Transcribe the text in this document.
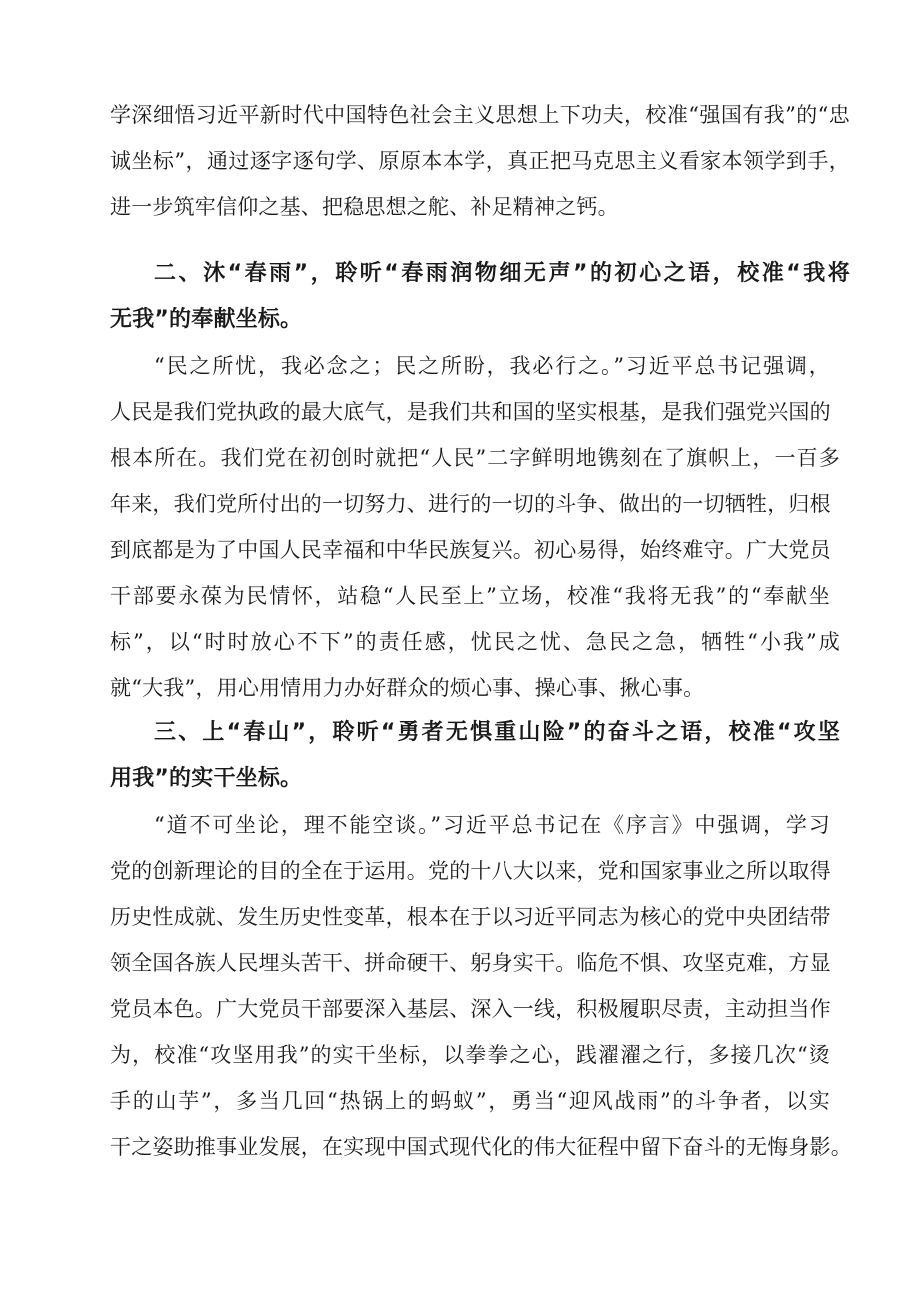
学深细悟习近平新时代中国特色社会主义思想上下功夫，校准“强国有我”的“忠
诚坐标”，通过逐字逐句学、原原本本学，真正把马克思主义看家本领学到手，
进一步筑牢信仰之基、把稳思想之舵、补足精神之钙。
二、沐“春雨”，聆听“春雨润物细无声”的初心之语，校准“我将
无我”的奉献坐标。
“民之所忧，我必念之；民之所盼，我必行之。”习近平总书记强调，
人民是我们党执政的最大底气，是我们共和国的坚实根基，是我们强党兴国的
根本所在。我们党在初创时就把“人民”二字鲜明地镌刻在了旗帜上，一百多
年来，我们党所付出的一切努力、进行的一切的斗争、做出的一切牺牲，归根
到底都是为了中国人民幸福和中华民族复兴。初心易得，始终难守。广大党员
干部要永葆为民情怀，站稳“人民至上”立场，校准“我将无我”的“奉献坐
标”，以“时时放心不下”的责任感，忧民之忧、急民之急，牺牲“小我”成
就“大我”，用心用情用力办好群众的烦心事、操心事、揪心事。
三、上“春山”，聆听“勇者无惧重山险”的奋斗之语，校准“攻坚
用我”的实干坐标。
“道不可坐论，理不能空谈。”习近平总书记在《序言》中强调，学习
党的创新理论的目的全在于运用。党的十八大以来，党和国家事业之所以取得
历史性成就、发生历史性变革，根本在于以习近平同志为核心的党中央团结带
领全国各族人民埋头苦干、拼命硬干、躬身实干。临危不惧、攻坚克难，方显
党员本色。广大党员干部要深入基层、深入一线，积极履职尽责，主动担当作
为，校准“攻坚用我”的实干坐标，以拳拳之心，践濯濯之行，多接几次“烫
手的山芋”，多当几回“热锅上的蚂蚁”，勇当“迎风战雨”的斗争者，以实
干之姿助推事业发展，在实现中国式现代化的伟大征程中留下奋斗的无悔身影。
